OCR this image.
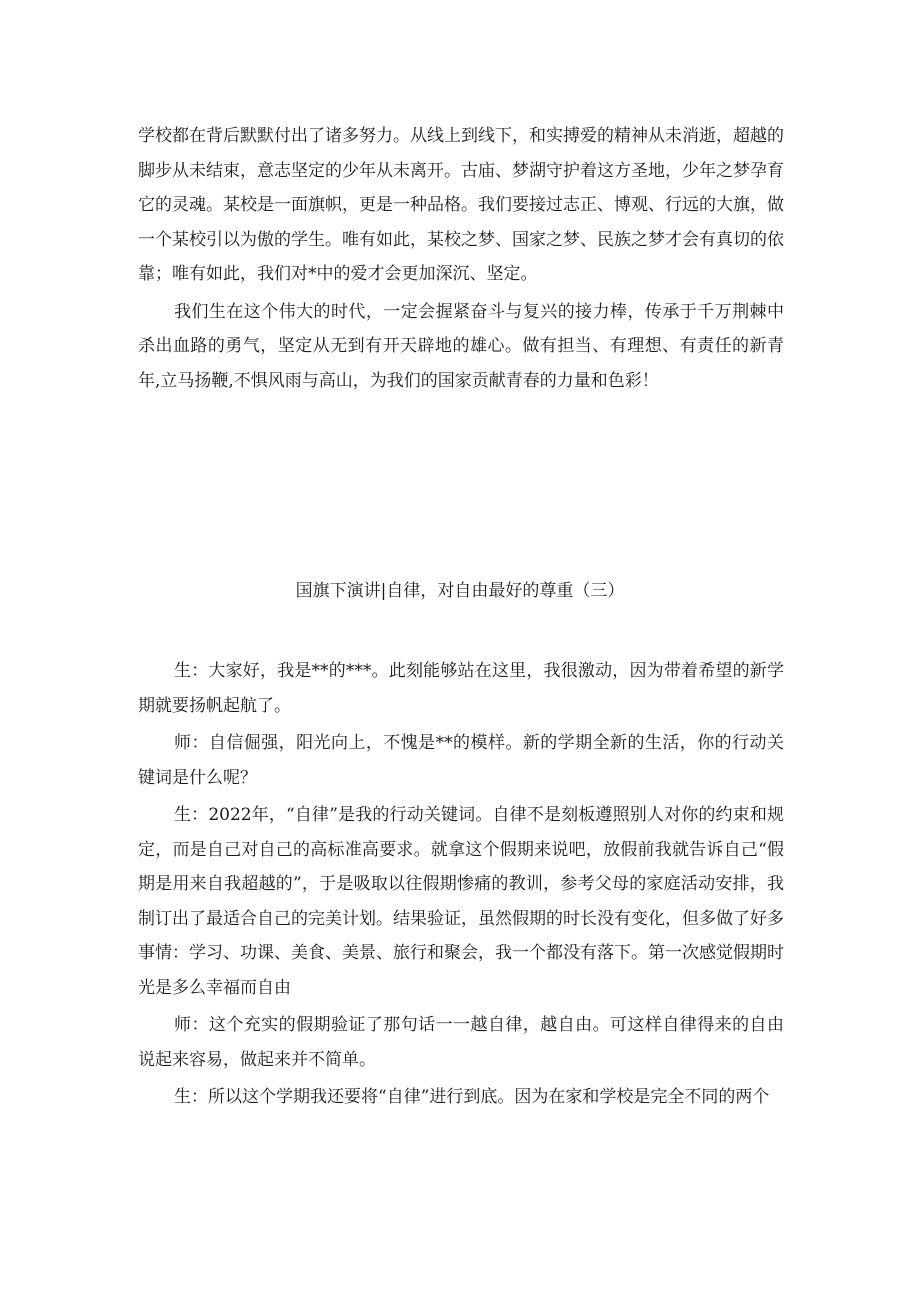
学校都在背后默默付出了诸多努力。从线上到线下，和实搏爱的精神从未消逝，超越的脚步从未结束，意志坚定的少年从未离开。古庙、梦湖守护着这方圣地，少年之梦孕育它的灵魂。某校是一面旗帜，更是一种品格。我们要接过志正、博观、行远的大旗，做一个某校引以为傲的学生。唯有如此，某校之梦、国家之梦、民族之梦才会有真切的依靠；唯有如此，我们对*中的爱才会更加深沉、坚定。

我们生在这个伟大的时代，一定会握紧奋斗与复兴的接力棒，传承于千万荆棘中杀出血路的勇气，坚定从无到有开天辟地的雄心。做有担当、有理想、有责任的新青年,立马扬鞭,不惧风雨与高山，为我们的国家贡献青春的力量和色彩！

国旗下演讲|自律，对自由最好的尊重（三）

生：大家好，我是**的***。此刻能够站在这里，我很激动，因为带着希望的新学期就要扬帆起航了。

师：自信倔强，阳光向上，不愧是**的模样。新的学期全新的生活，你的行动关键词是什么呢？

生：2022年，“自律”是我的行动关键词。自律不是刻板遵照别人对你的约束和规定，而是自己对自己的高标准高要求。就拿这个假期来说吧，放假前我就告诉自己“假期是用来自我超越的”，于是吸取以往假期惨痛的教训，参考父母的家庭活动安排，我制订出了最适合自己的完美计划。结果验证，虽然假期的时长没有变化，但多做了好多事情：学习、功课、美食、美景、旅行和聚会，我一个都没有落下。第一次感觉假期时光是多么幸福而自由

师：这个充实的假期验证了那句话一一越自律，越自由。可这样自律得来的自由说起来容易，做起来并不简单。

生：所以这个学期我还要将“自律”进行到底。因为在家和学校是完全不同的两个
